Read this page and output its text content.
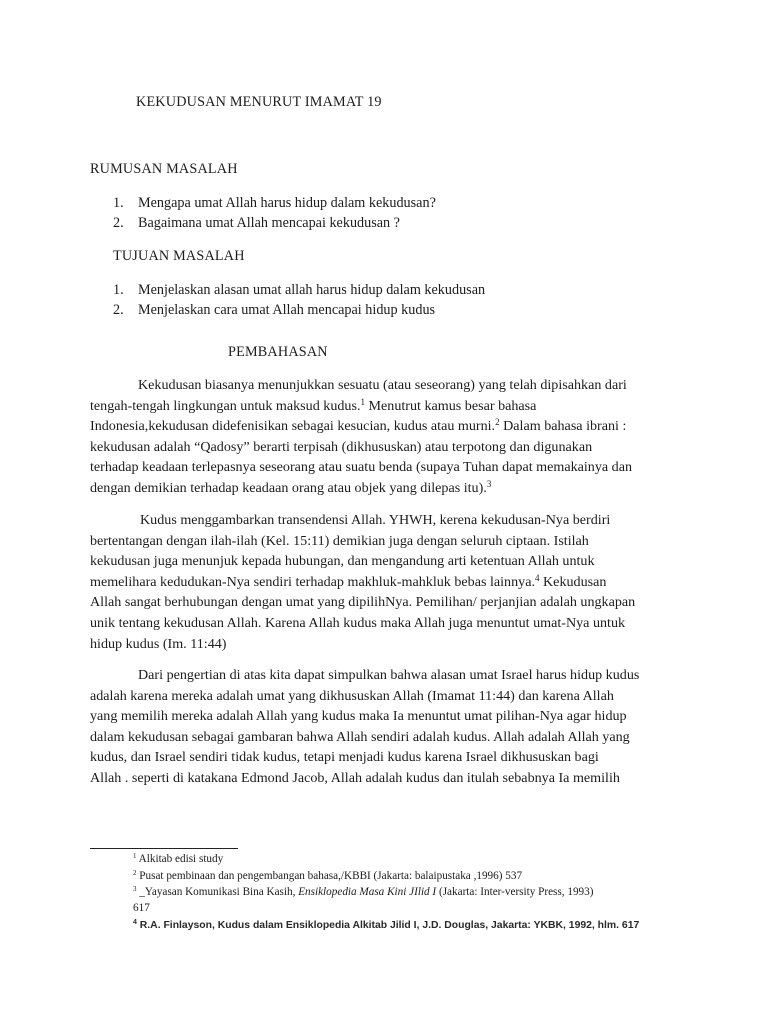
KEKUDUSAN MENURUT IMAMAT 19
RUMUSAN MASALAH
1. Mengapa umat Allah harus hidup dalam kekudusan?
2. Bagaimana umat Allah mencapai kekudusan ?
TUJUAN MASALAH
1. Menjelaskan alasan umat allah harus hidup dalam kekudusan
2. Menjelaskan cara umat Allah mencapai hidup kudus
PEMBAHASAN
Kekudusan biasanya menunjukkan sesuatu (atau seseorang) yang telah dipisahkan dari
tengah-tengah lingkungan untuk maksud kudus.$^1$ Menutrut kamus besar bahasa
Indonesia,kekudusan didefenisikan sebagai kesucian, kudus atau murni.$^2$ Dalam bahasa ibrani :
kekudusan adalah “Qadosy” berarti terpisah (dikhususkan) atau terpotong dan digunakan
terhadap keadaan terlepasnya seseorang atau suatu benda (supaya Tuhan dapat memakainya dan
dengan demikian terhadap keadaan orang atau objek yang dilepas itu).$^3$
Kudus menggambarkan transendensi Allah. YHWH, kerena kekudusan-Nya berdiri
bertentangan dengan ilah-ilah (Kel. 15:11) demikian juga dengan seluruh ciptaan. Istilah
kekudusan juga menunjuk kepada hubungan, dan mengandung arti ketentuan Allah untuk
memelihara kedudukan-Nya sendiri terhadap makhluk-mahkluk bebas lainnya.$^4$ Kekudusan
Allah sangat berhubungan dengan umat yang dipilihNya. Pemilihan/ perjanjian adalah ungkapan
unik tentang kekudusan Allah. Karena Allah kudus maka Allah juga menuntut umat-Nya untuk
hidup kudus (Im. 11:44)
Dari pengertian di atas kita dapat simpulkan bahwa alasan umat Israel harus hidup kudus
adalah karena mereka adalah umat yang dikhususkan Allah (Imamat 11:44) dan karena Allah
yang memilih mereka adalah Allah yang kudus maka Ia menuntut umat pilihan-Nya agar hidup
dalam kekudusan sebagai gambaran bahwa Allah sendiri adalah kudus. Allah adalah Allah yang
kudus, dan Israel sendiri tidak kudus, tetapi menjadi kudus karena Israel dikhususkan bagi
Allah . seperti di katakana Edmond Jacob, Allah adalah kudus dan itulah sebabnya Ia memilih
$^1$ Alkitab edisi study
$^2$ Pusat pembinaan dan pengembangan bahasa,/KBBI (Jakarta: balaipustaka ,1996) 537
$^3$ _Yayasan Komunikasi Bina Kasih, Ensiklopedia Masa Kini JIlid I (Jakarta: Inter-versity Press, 1993)
617
$^4$ R.A. Finlayson, Kudus dalam Ensiklopedia Alkitab Jilid I, J.D. Douglas, Jakarta: YKBK, 1992, hlm. 617
